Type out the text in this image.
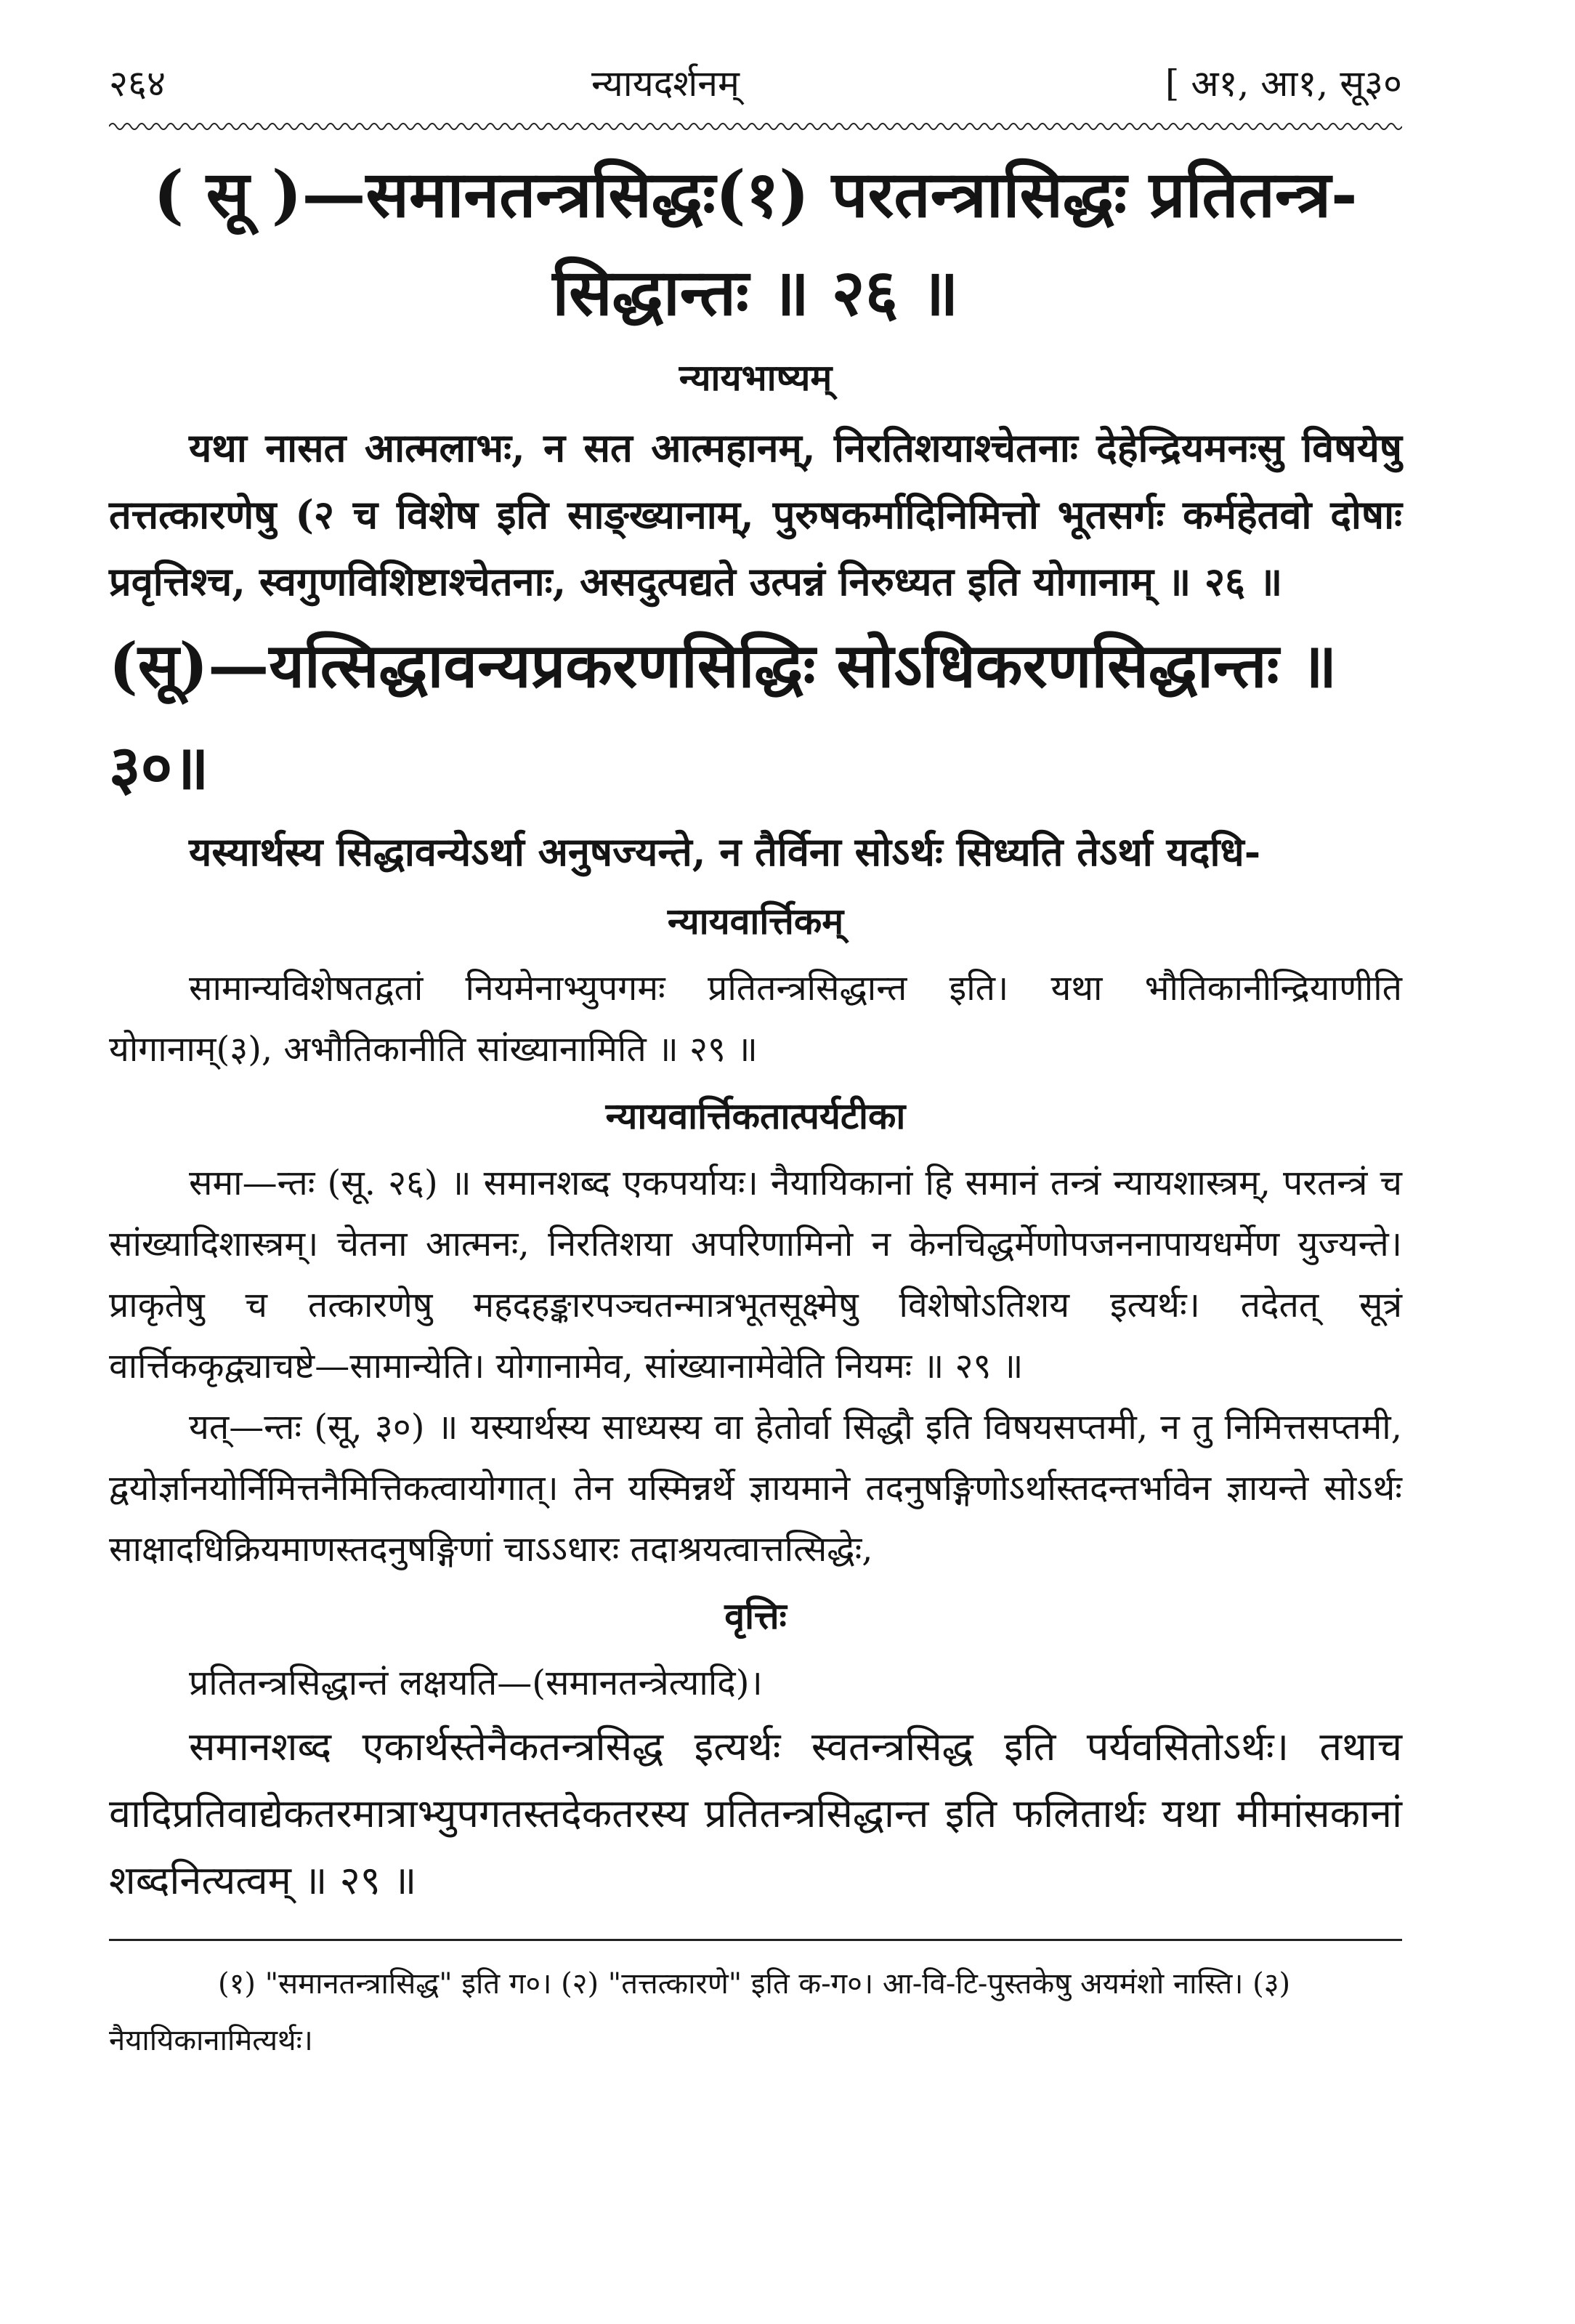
२६४	न्यायदर्शनम्	[ अ१, आ१, सू३०
( सू )—समानतन्त्रसिद्धः(१) परतन्त्रासिद्धः प्रतितन्त्र-
सिद्धान्तः ॥ २६ ॥
न्यायभाष्यम्

यथा नासत आत्मलाभः, न सत आत्महानम्, निरतिशयाश्चेतनाः देहेन्द्रियमनःसु विषयेषु तत्तत्कारणेषु (२ च विशेष इति साङ्ख्यानाम्, पुरुषकर्मादिनिमित्तो भूतसर्गः कर्महेतवो दोषाः प्रवृत्तिश्च, स्वगुणविशिष्टाश्चेतनाः, असदुत्पद्यते उत्पन्नं निरुध्यत इति योगानाम् ॥ २६ ॥

(सू)—यत्सिद्धावन्यप्रकरणसिद्धिः सोऽधिकरणसिद्धान्तः ॥३०॥

यस्यार्थस्य सिद्धावन्येऽर्था अनुषज्यन्ते, न तैर्विना सोऽर्थः सिध्यति तेऽर्था यदधि-

न्यायवार्त्तिकम्

सामान्यविशेषतद्वतां नियमेनाभ्युपगमः प्रतितन्त्रसिद्धान्त इति। यथा भौतिकानीन्द्रियाणीति योगानाम्(३), अभौतिकानीति सांख्यानामिति ॥ २९ ॥

न्यायवार्त्तिकतात्पर्यटीका

समा—न्तः (सू. २६) ॥ समानशब्द एकपर्यायः। नैयायिकानां हि समानं तन्त्रं न्यायशास्त्रम्, परतन्त्रं च सांख्यादिशास्त्रम्। चेतना आत्मनः, निरतिशया अपरिणामिनो न केनचिद्धर्मेणोपजननापायधर्मेण युज्यन्ते। प्राकृतेषु च तत्कारणेषु महदहङ्कारपञ्चतन्मात्रभूतसूक्ष्मेषु विशेषोऽतिशय इत्यर्थः। तदेतत् सूत्रं वार्त्तिककृद्व्याचष्टे—सामान्येति। योगानामेव, सांख्यानामेवेति नियमः ॥ २९ ॥

यत्—न्तः (सू, ३०) ॥ यस्यार्थस्य साध्यस्य वा हेतोर्वा सिद्धौ इति विषयसप्तमी, न तु निमित्तसप्तमी, द्वयोर्ज्ञानयोर्निमित्तनैमित्तिकत्वायोगात्। तेन यस्मिन्नर्थे ज्ञायमाने तदनुषङ्गिणोऽर्थास्तदन्तर्भावेन ज्ञायन्ते सोऽर्थः साक्षादधिक्रियमाणस्तदनुषङ्गिणां चाऽऽधारः तदाश्रयत्वात्तत्सिद्धेः,

वृत्तिः

प्रतितन्त्रसिद्धान्तं लक्षयति—(समानतन्त्रेत्यादि)।

समानशब्द एकार्थस्तेनैकतन्त्रसिद्ध इत्यर्थः स्वतन्त्रसिद्ध इति पर्यवसितोऽर्थः। तथाच वादिप्रतिवाद्येकतरमात्राभ्युपगतस्तदेकतरस्य प्रतितन्त्रसिद्धान्त इति फलितार्थः यथा मीमांसकानां शब्दनित्यत्वम् ॥ २९ ॥

(१) "समानतन्त्रासिद्ध" इति ग०। (२) "तत्तत्कारणे" इति क-ग०। आ-वि-टि-पुस्तकेषु अयमंशो नास्ति। (३) नैयायिकानामित्यर्थः।
